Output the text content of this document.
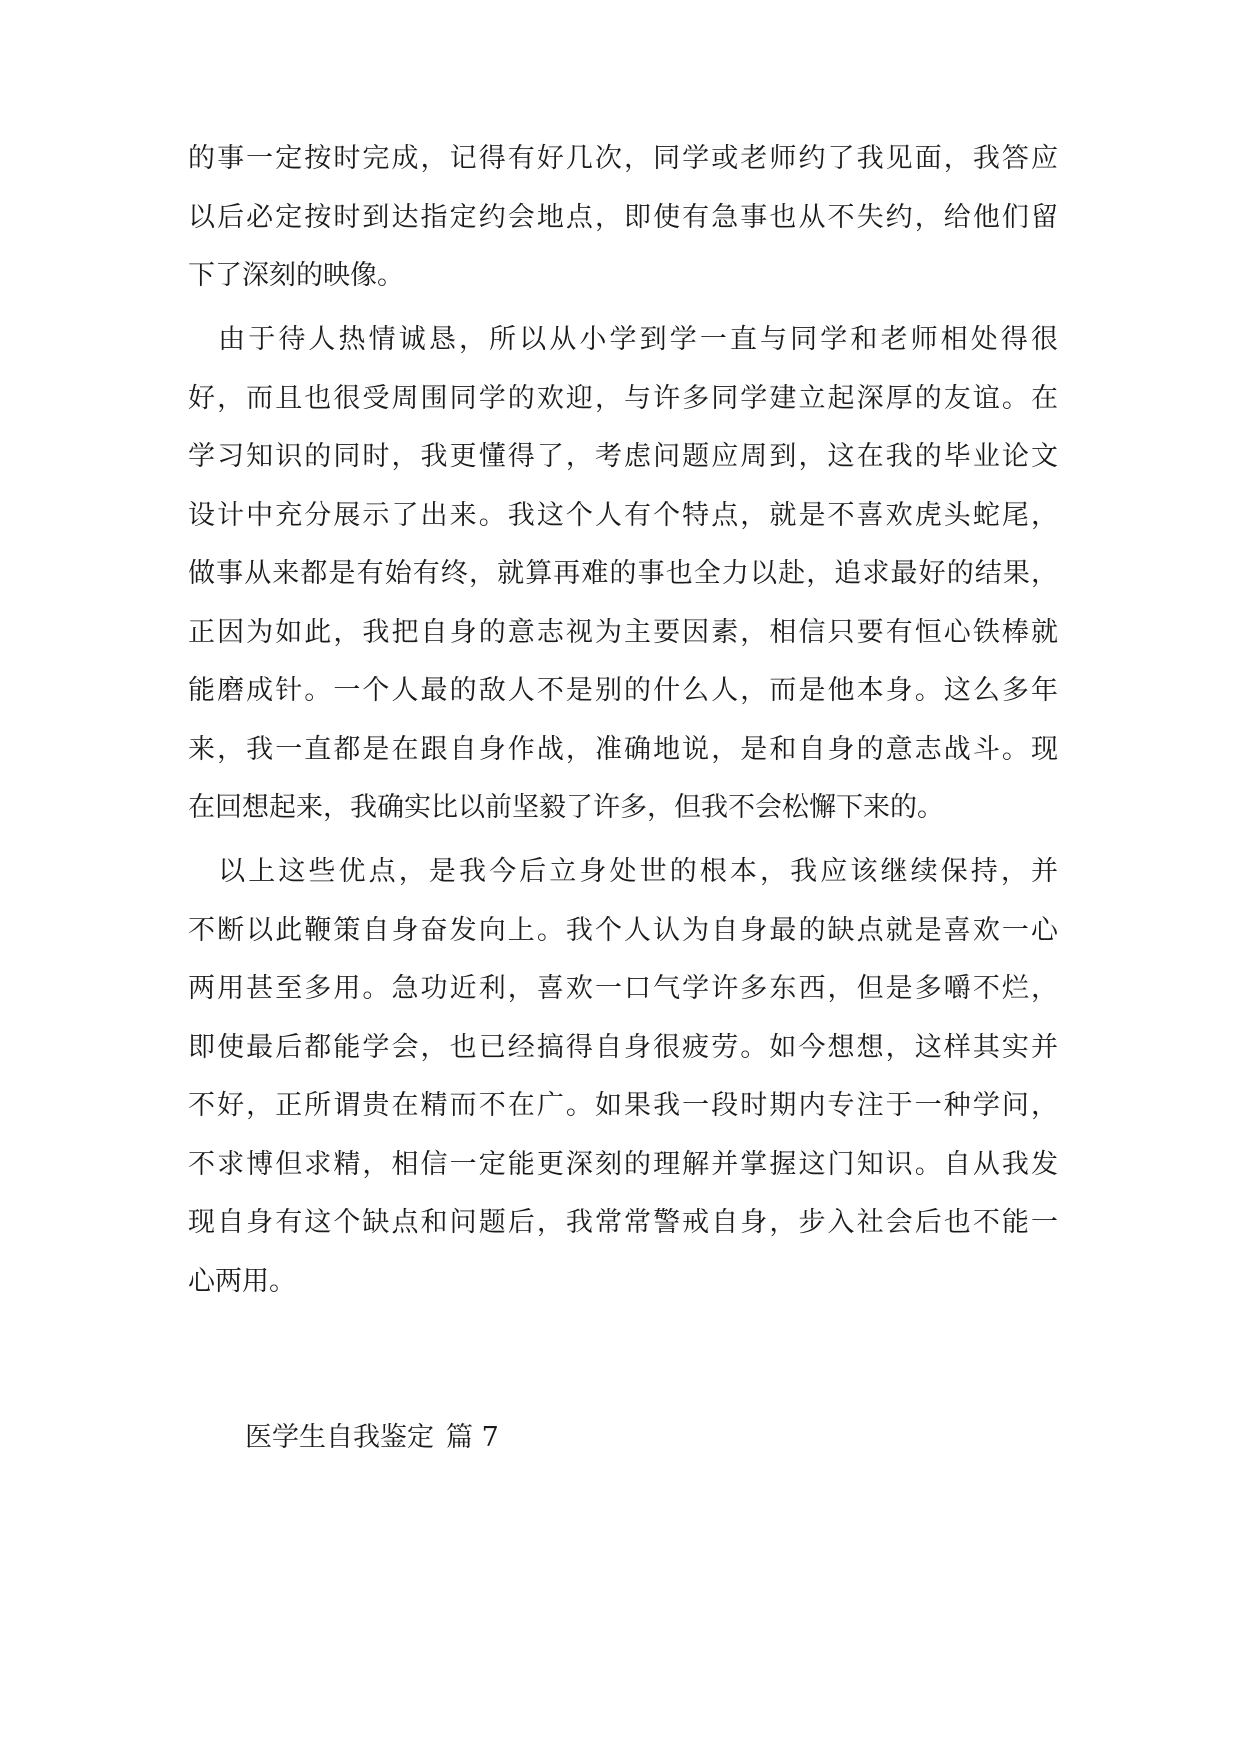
的事一定按时完成，记得有好几次，同学或老师约了我见面，我答应
以后必定按时到达指定约会地点，即使有急事也从不失约，给他们留
下了深刻的映像。
　由于待人热情诚恳，所以从小学到学一直与同学和老师相处得很
好，而且也很受周围同学的欢迎，与许多同学建立起深厚的友谊。在
学习知识的同时，我更懂得了，考虑问题应周到，这在我的毕业论文
设计中充分展示了出来。我这个人有个特点，就是不喜欢虎头蛇尾，
做事从来都是有始有终，就算再难的事也全力以赴，追求最好的结果，
正因为如此，我把自身的意志视为主要因素，相信只要有恒心铁棒就
能磨成针。一个人最的敌人不是别的什么人，而是他本身。这么多年
来，我一直都是在跟自身作战，准确地说，是和自身的意志战斗。现
在回想起来，我确实比以前坚毅了许多，但我不会松懈下来的。
　以上这些优点，是我今后立身处世的根本，我应该继续保持，并
不断以此鞭策自身奋发向上。我个人认为自身最的缺点就是喜欢一心
两用甚至多用。急功近利，喜欢一口气学许多东西，但是多嚼不烂，
即使最后都能学会，也已经搞得自身很疲劳。如今想想，这样其实并
不好，正所谓贵在精而不在广。如果我一段时期内专注于一种学问，
不求博但求精，相信一定能更深刻的理解并掌握这门知识。自从我发
现自身有这个缺点和问题后，我常常警戒自身，步入社会后也不能一
心两用。
医学生自我鉴定 篇 7
